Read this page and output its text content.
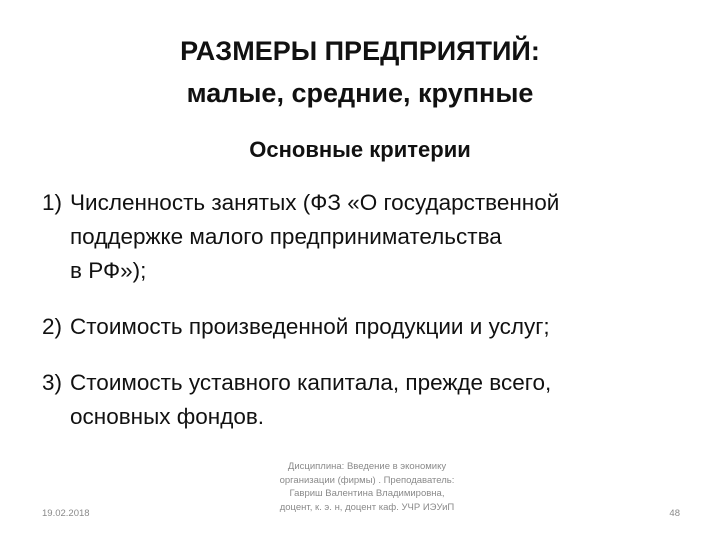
РАЗМЕРЫ ПРЕДПРИЯТИЙ:
малые, средние, крупные
Основные критерии
1) Численность занятых (ФЗ «О государственной
поддержке малого предпринимательства
в РФ»);
2) Стоимость произведенной продукции и услуг;
3) Стоимость уставного капитала, прежде всего,
основных фондов.
19.02.2018
Дисциплина: Введение в экономику
организации (фирмы) . Преподаватель:
Гавриш Валентина Владимировна,
доцент, к. э. н, доцент каф. УЧР ИЭУиП
48
